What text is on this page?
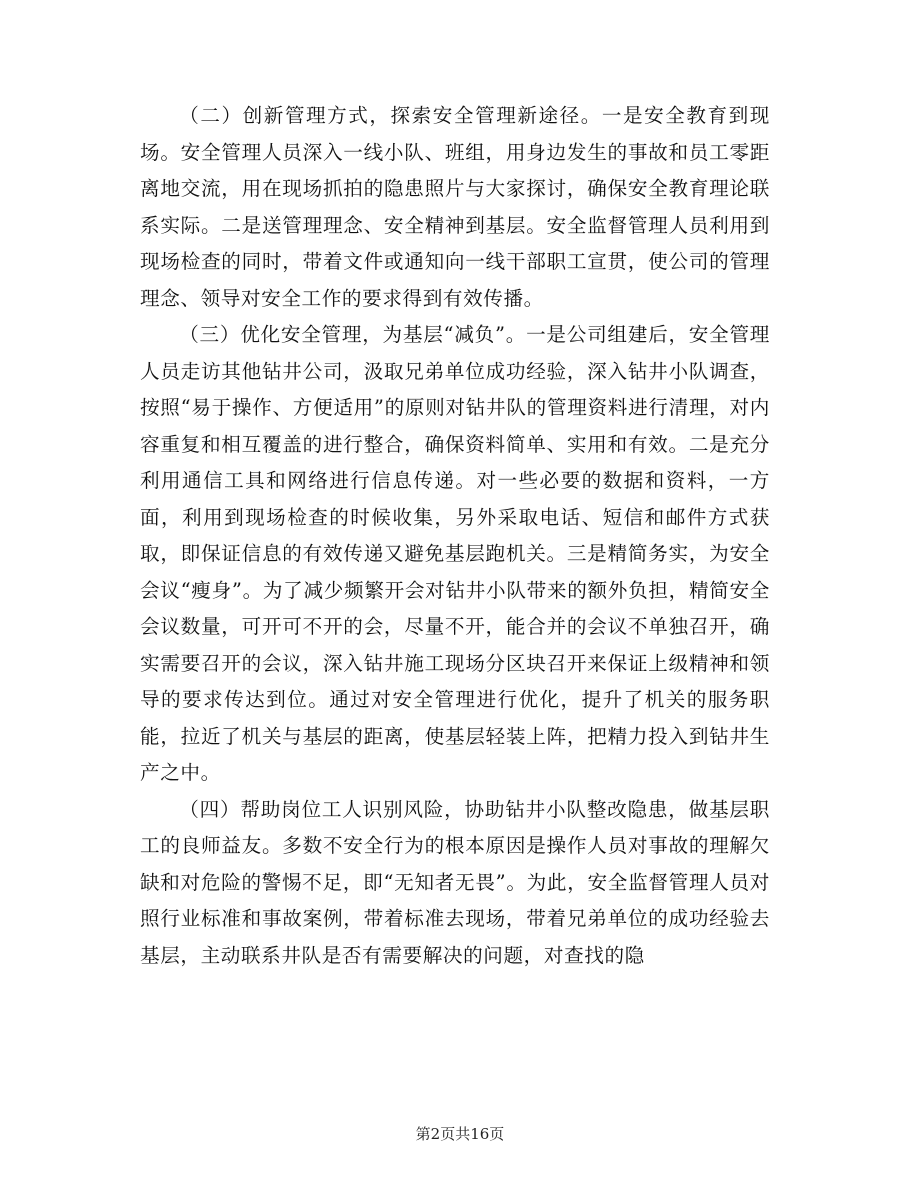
（二）创新管理方式，探索安全管理新途径。一是安全教育到现场。安全管理人员深入一线小队、班组，用身边发生的事故和员工零距离地交流，用在现场抓拍的隐患照片与大家探讨，确保安全教育理论联系实际。二是送管理理念、安全精神到基层。安全监督管理人员利用到现场检查的同时，带着文件或通知向一线干部职工宣贯，使公司的管理理念、领导对安全工作的要求得到有效传播。

（三）优化安全管理，为基层“减负”。一是公司组建后，安全管理人员走访其他钻井公司，汲取兄弟单位成功经验，深入钻井小队调查，按照“易于操作、方便适用”的原则对钻井队的管理资料进行清理，对内容重复和相互覆盖的进行整合，确保资料简单、实用和有效。二是充分利用通信工具和网络进行信息传递。对一些必要的数据和资料，一方面，利用到现场检查的时候收集，另外采取电话、短信和邮件方式获取，即保证信息的有效传递又避免基层跑机关。三是精简务实，为安全会议“瘦身”。为了减少频繁开会对钻井小队带来的额外负担，精简安全会议数量，可开可不开的会，尽量不开，能合并的会议不单独召开，确实需要召开的会议，深入钻井施工现场分区块召开来保证上级精神和领导的要求传达到位。通过对安全管理进行优化，提升了机关的服务职能，拉近了机关与基层的距离，使基层轻装上阵，把精力投入到钻井生产之中。

（四）帮助岗位工人识别风险，协助钻井小队整改隐患，做基层职工的良师益友。多数不安全行为的根本原因是操作人员对事故的理解欠缺和对危险的警惕不足，即“无知者无畏”。为此，安全监督管理人员对照行业标准和事故案例，带着标准去现场，带着兄弟单位的成功经验去基层，主动联系井队是否有需要解决的问题，对查找的隐

第2页共16页
